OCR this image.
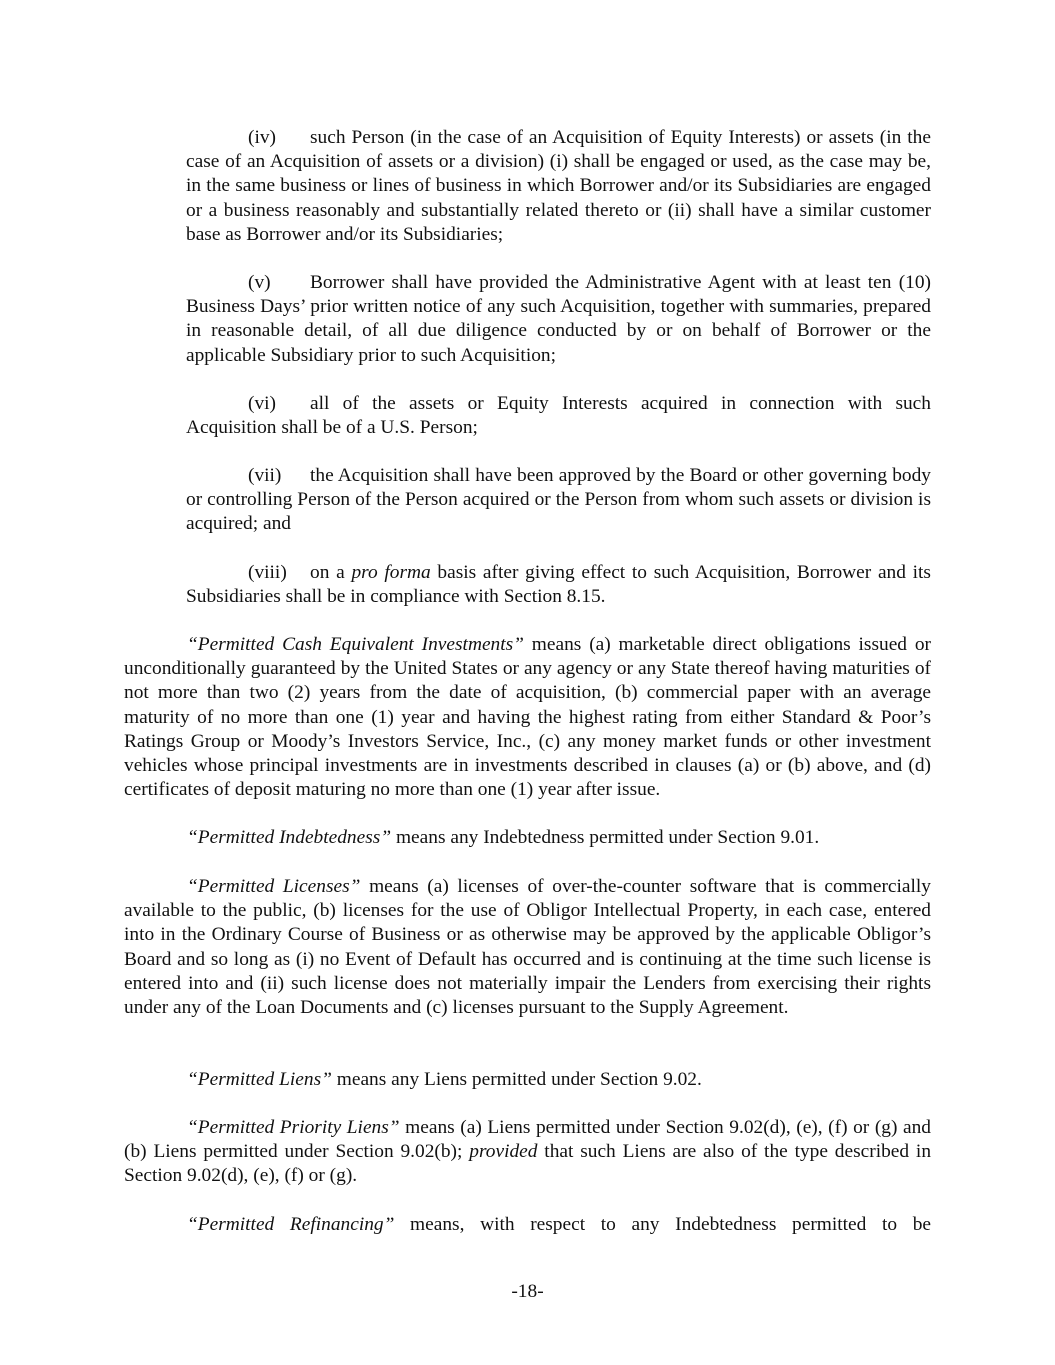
(iv) such Person (in the case of an Acquisition of Equity Interests) or assets (in the case of an Acquisition of assets or a division) (i) shall be engaged or used, as the case may be, in the same business or lines of business in which Borrower and/or its Subsidiaries are engaged or a business reasonably and substantially related thereto or (ii) shall have a similar customer base as Borrower and/or its Subsidiaries;

(v) Borrower shall have provided the Administrative Agent with at least ten (10) Business Days’ prior written notice of any such Acquisition, together with summaries, prepared in reasonable detail, of all due diligence conducted by or on behalf of Borrower or the applicable Subsidiary prior to such Acquisition;

(vi) all of the assets or Equity Interests acquired in connection with such Acquisition shall be of a U.S. Person;

(vii) the Acquisition shall have been approved by the Board or other governing body or controlling Person of the Person acquired or the Person from whom such assets or division is acquired; and

(viii) on a pro forma basis after giving effect to such Acquisition, Borrower and its Subsidiaries shall be in compliance with Section 8.15.

“Permitted Cash Equivalent Investments” means (a) marketable direct obligations issued or unconditionally guaranteed by the United States or any agency or any State thereof having maturities of not more than two (2) years from the date of acquisition, (b) commercial paper with an average maturity of no more than one (1) year and having the highest rating from either Standard & Poor’s Ratings Group or Moody’s Investors Service, Inc., (c) any money market funds or other investment vehicles whose principal investments are in investments described in clauses (a) or (b) above, and (d) certificates of deposit maturing no more than one (1) year after issue.

“Permitted Indebtedness” means any Indebtedness permitted under Section 9.01.

“Permitted Licenses” means (a) licenses of over-the-counter software that is commercially available to the public, (b) licenses for the use of Obligor Intellectual Property, in each case, entered into in the Ordinary Course of Business or as otherwise may be approved by the applicable Obligor’s Board and so long as (i) no Event of Default has occurred and is continuing at the time such license is entered into and (ii) such license does not materially impair the Lenders from exercising their rights under any of the Loan Documents and (c) licenses pursuant to the Supply Agreement.

“Permitted Liens” means any Liens permitted under Section 9.02.

“Permitted Priority Liens” means (a) Liens permitted under Section 9.02(d), (e), (f) or (g) and (b) Liens permitted under Section 9.02(b); provided that such Liens are also of the type described in Section 9.02(d), (e), (f) or (g).

“Permitted Refinancing” means, with respect to any Indebtedness permitted to be

-18-
